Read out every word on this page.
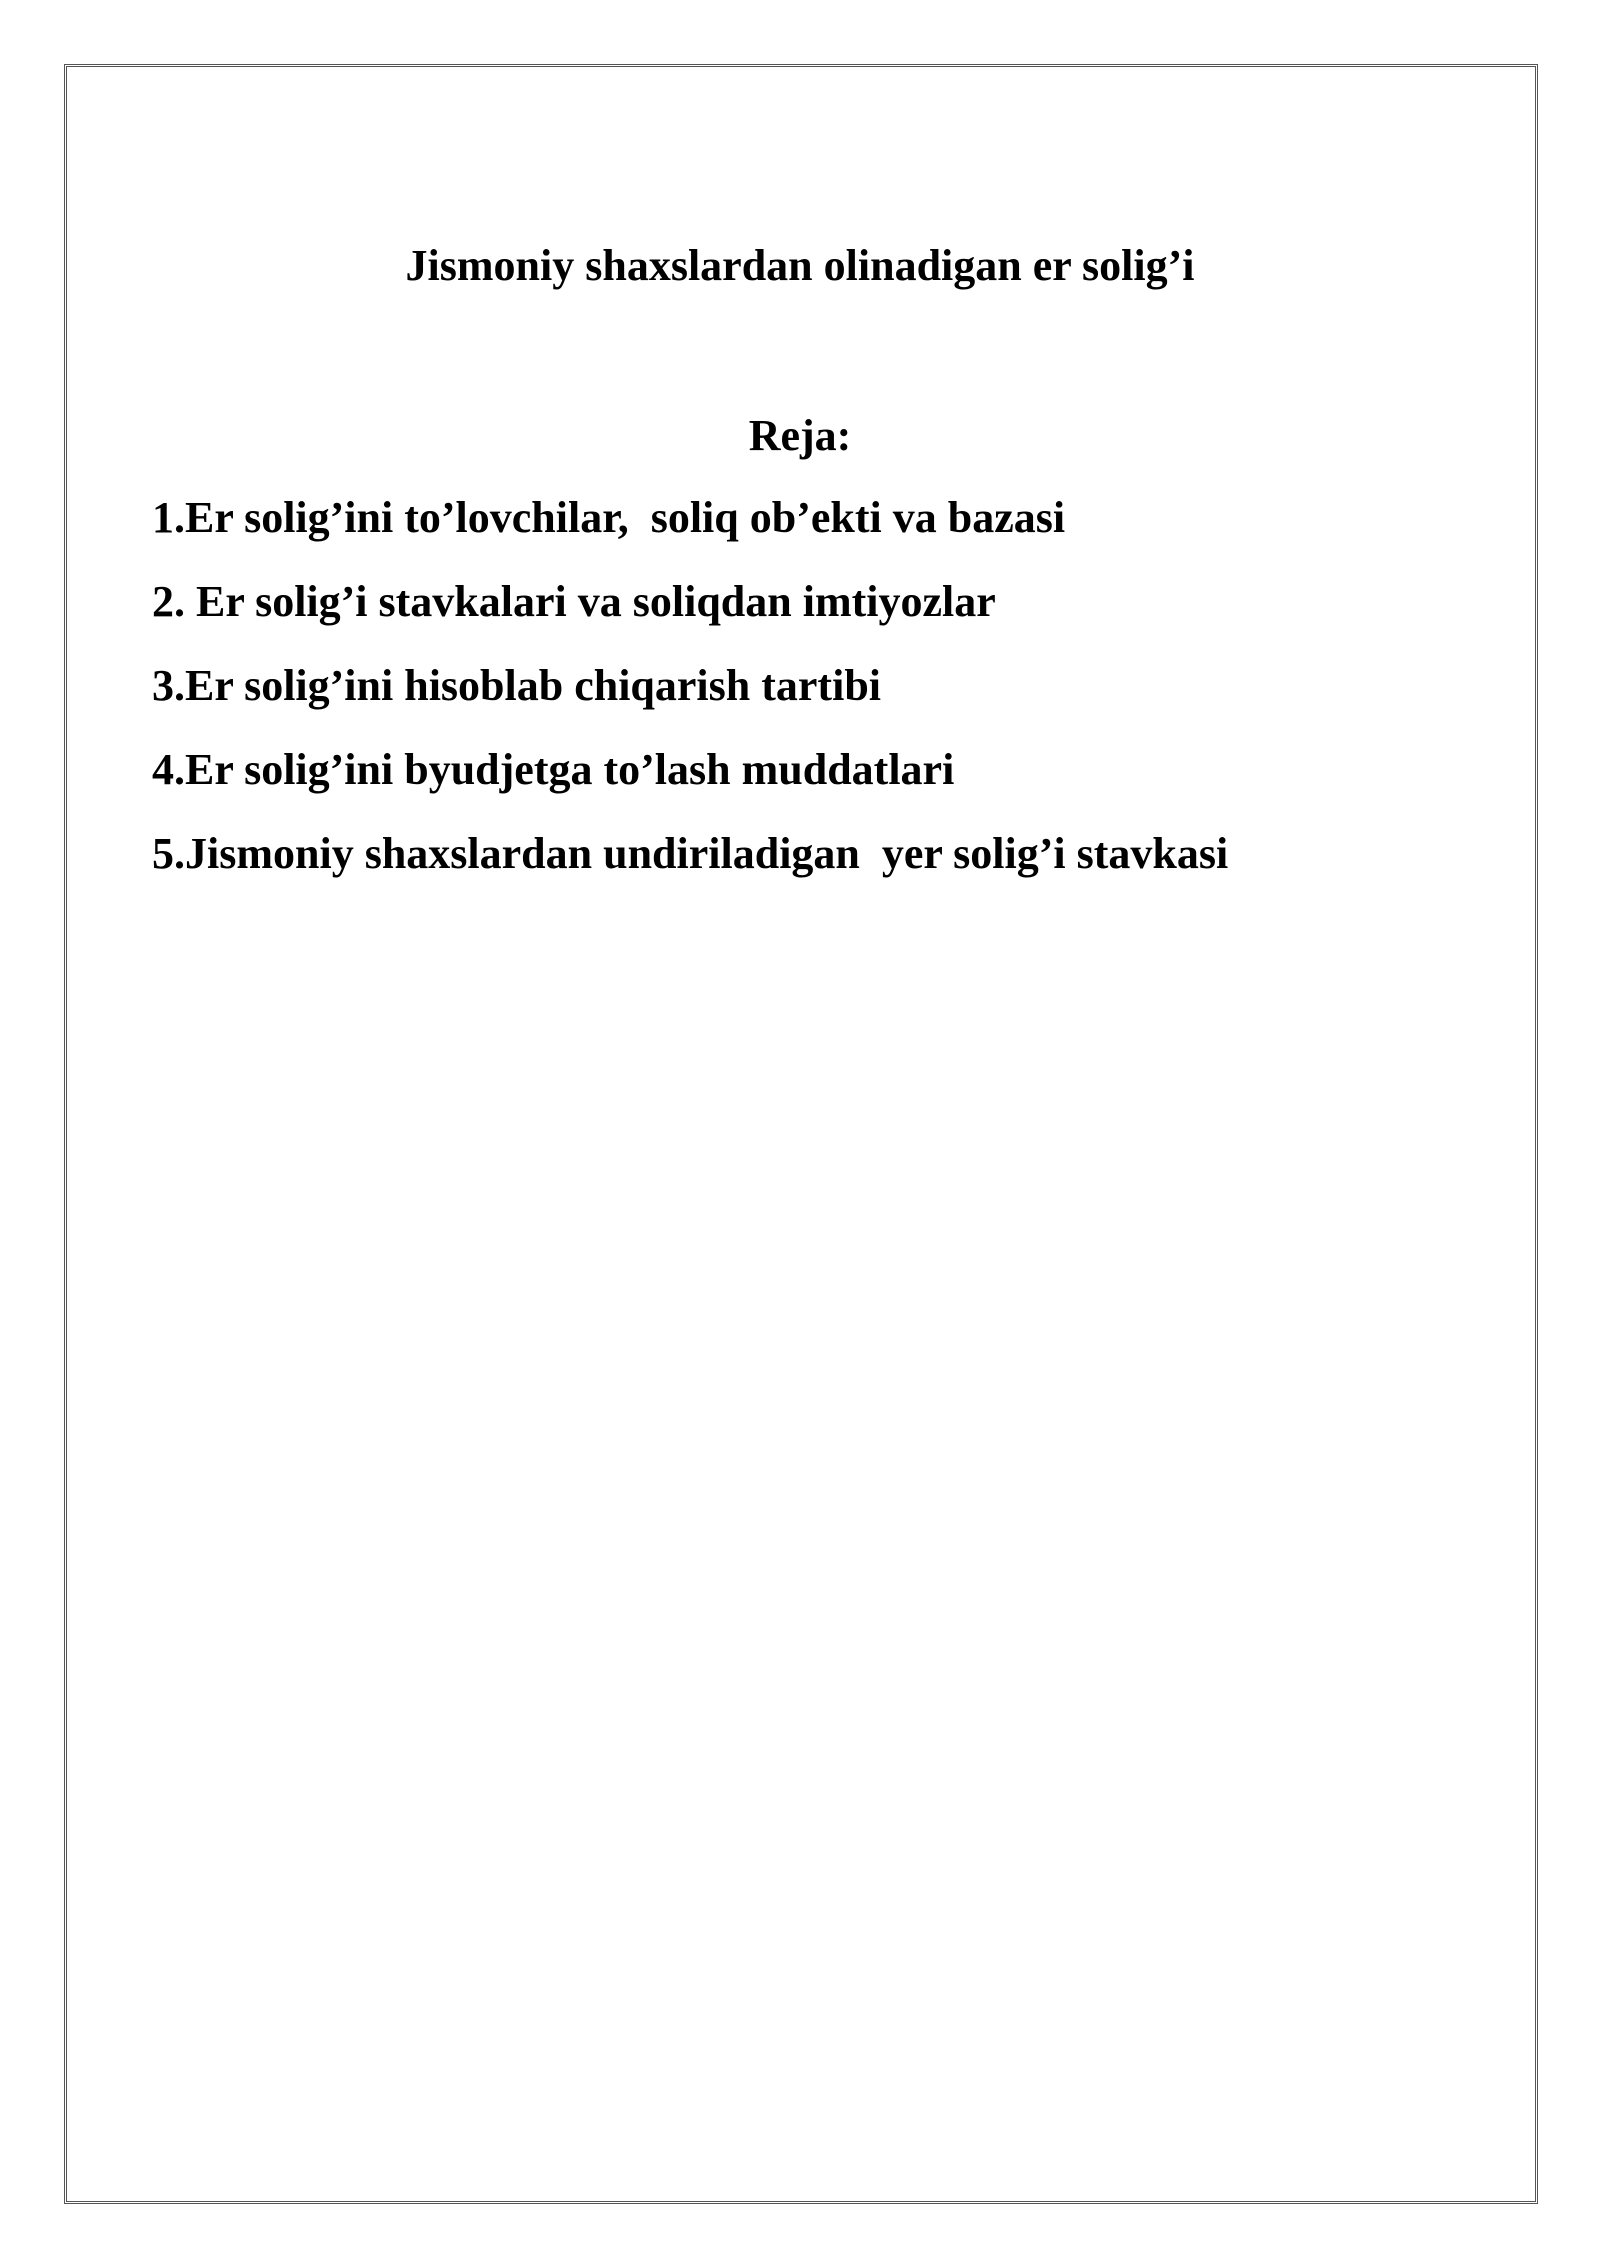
Jismoniy shaxslardan olinadigan er solig’i
Reja:
1.Er solig’ini to’lovchilar,  soliq ob’ekti va bazasi
2. Er solig’i stavkalari va soliqdan imtiyozlar
3.Er solig’ini hisoblab chiqarish tartibi
4.Er solig’ini byudjetga to’lash muddatlari
5.Jismoniy shaxslardan undiriladigan  yer solig’i stavkasi
